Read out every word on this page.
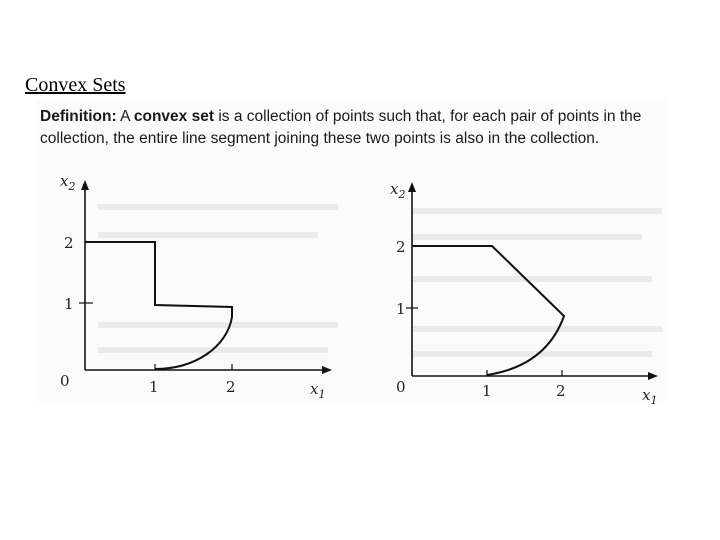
Convex Sets
Definition: A convex set is a collection of points such that, for each pair of points in the
collection, the entire line segment joining these two points is also in the collection.
$x_2$
$x_1$
0	1	2
1
2
$x_2$
$x_1$
0	1	2
1
2
